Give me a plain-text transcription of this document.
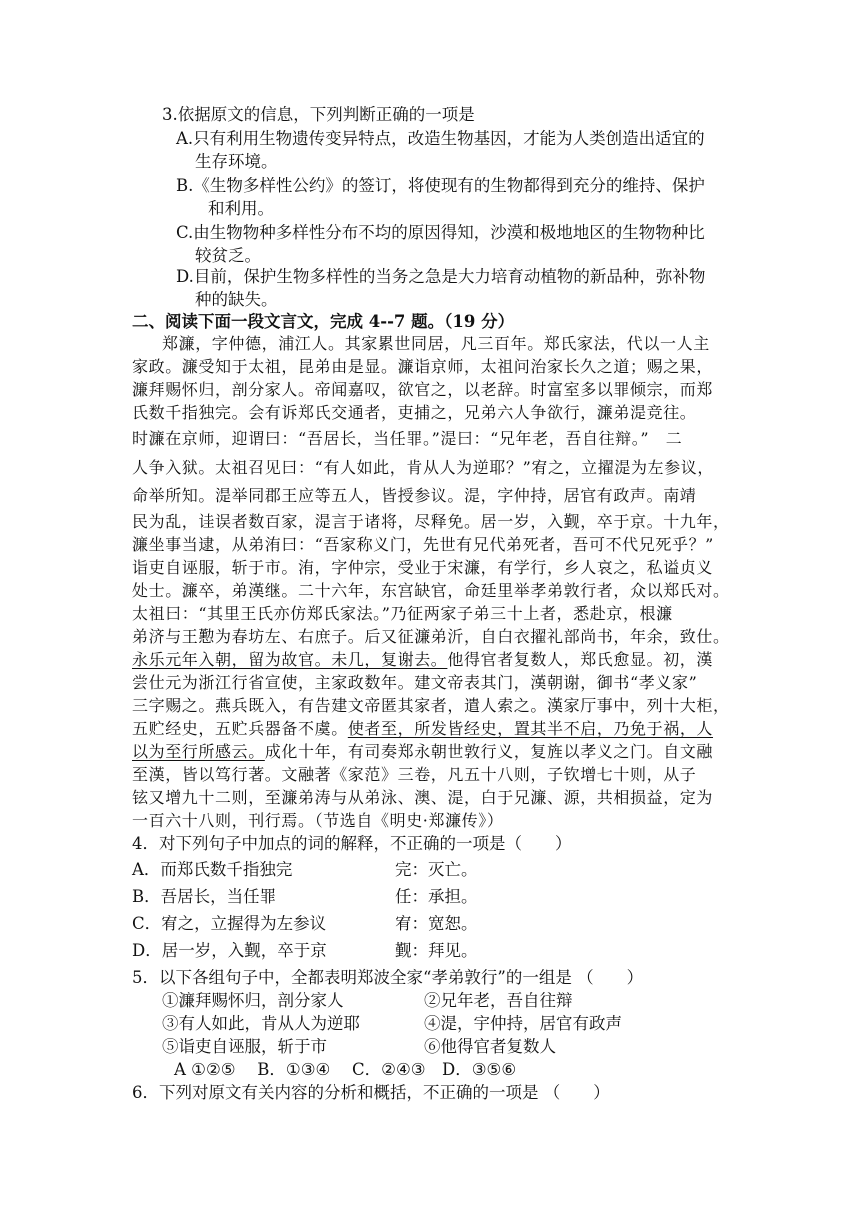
3.依据原文的信息，下列判断正确的一项是
A.只有利用生物遗传变异特点，改造生物基因，才能为人类创造出适宜的
生存环境。
B.《生物多样性公约》的签订，将使现有的生物都得到充分的维持、保护
和利用。
C.由生物物种多样性分布不均的原因得知，沙漠和极地地区的生物物种比
较贫乏。
D.目前，保护生物多样性的当务之急是大力培育动植物的新品种，弥补物
种的缺失。
二、阅读下面一段文言文，完成 4--7 题。（19 分）
郑濂，字仲德，浦江人。其家累世同居，凡三百年。郑氏家法，代以一人主
家政。濂受知于太祖，昆弟由是显。濂诣京师，太祖问治家长久之道；赐之果，
濂拜赐怀归，剖分家人。帝闻嘉叹，欲官之，以老辞。时富室多以罪倾宗，而郑
氏数千指独完。会有诉郑氏交通者，吏捕之，兄弟六人争欲行，濂弟湜竞往。
时濂在京师，迎谓曰：“吾居长，当任罪。”湜曰：“兄年老，吾自往辩。”　二
人争入狱。太祖召见曰：“有人如此，肯从人为逆耶？”宥之，立擢湜为左参议，
命举所知。湜举同郡王应等五人，皆授参议。湜，字仲持，居官有政声。南靖
民为乱，诖误者数百家，湜言于诸将，尽释免。居一岁，入觐，卒于京。十九年，
濂坐事当逮，从弟洧曰：“吾家称义门，先世有兄代弟死者，吾可不代兄死乎？”
诣吏自诬服，斩于市。洧，字仲宗，受业于宋濂，有学行，乡人哀之，私谥贞义
处士。濂卒，弟漢继。二十六年，东宫缺官，命廷里举孝弟敦行者，众以郑氏对。
太祖曰：“其里王氏亦仿郑氏家法。”乃征两家子弟三十上者，悉赴京，根濂
弟济与王懃为春坊左、右庶子。后又征濂弟沂，自白衣擢礼部尚书，年余，致仕。
永乐元年入朝，留为故官。未几，复谢去。他得官者复数人，郑氏愈显。初，漢
尝仕元为浙江行省宣使，主家政数年。建文帝表其门，漢朝谢，御书“孝义家”
三字赐之。燕兵既入，有告建文帝匿其家者，遣人索之。漢家厅事中，列十大柜，
五贮经史，五贮兵器备不虞。使者至，所发皆经史，置其半不启，乃免于祸，人
以为至行所感云。成化十年，有司奏郑永朝世敦行义，复旌以孝义之门。自文融
至漢，皆以笃行著。文融著《家范》三卷，凡五十八则，子钦增七十则，从子
铉又增九十二则，至濂弟涛与从弟泳、澳、湜，白于兄濂、源，共相损益，定为
一百六十八则，刊行焉。（节选自《明史·郑濂传》）
4．对下列句子中加点的词的解释，不正确的一项是（　　）
A．而郑氏数千指独完	完：灭亡。
B．吾居长，当任罪	任：承担。
C．宥之，立握得为左参议	宥：宽恕。
D．居一岁，入觐，卒于京	觐：拜见。
5．以下各组句子中，全都表明郑波全家“孝弟敦行”的一组是 （　　）
①濂拜赐怀归，剖分家人	②兄年老，吾自往辩
③有人如此，肯从人为逆耶	④湜，宇仲持，居官有政声
⑤诣吏自诬服，斩于市	⑥他得官者复数人
A ①②⑤　 B．①③④　 C．②④③　D．③⑤⑥
6．下列对原文有关内容的分析和概括，不正确的一项是 （　　）
